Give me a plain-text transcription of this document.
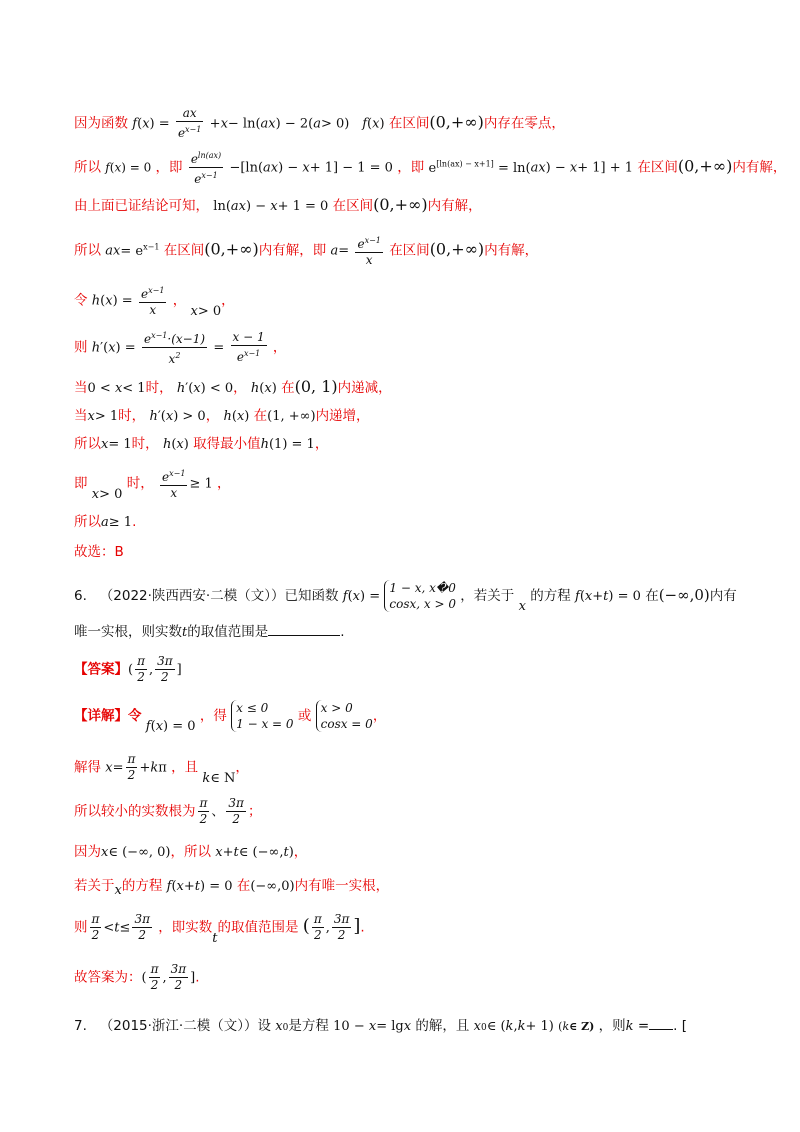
因为函数 $f(x) = \frac{ax}{e^{x-1}} +x- \ln(ax) - 2(a> 0)$ f(x) 在区间(0,+∞)内存在零点，
所以 f(x) = 0 ，即 $\frac{e^{ln(ax)}}{e^{x-1}} -[\ln(ax) - x+ 1] - 1 = 0$ ，即 e[ln(ax) − x+1] = ln(ax) − x+ 1] + 1 在区间(0,+∞)内有解，
由上面已证结论可知， ln(ax) − x+ 1 = 0 在区间(0,+∞)内有解，
所以 $ax= e^{x-1}$ 在区间(0,+∞)内有解，即 $a= \frac{e^{x-1}}{x}$ 在区间(0,+∞)内有解，
令 $h(x) = \frac{e^{x-1}}{x}$ ， x> 0，
则 $h'(x) = \frac{e^{x-1}\cdot(x-1)}{x^2} = \frac{x - 1}{e^{x-1}}$ ，
当0 < x< 1时， h′(x) < 0， h(x) 在(0, 1)内递减，
当x> 1时， h′(x) > 0， h(x) 在(1, +∞)内递增，
所以x= 1时， h(x) 取得最小值h(1) = 1，
即 x> 0 时， $\frac{e^{x-1}}{x} \ge 1$ ，
所以a≥ 1.
故选：B
6. （2022·陕西西安·二模（文））已知函数 f(x) =
1 − x, x�0
cosx, x > 0 ，若关于 x 的方程 f(x+t) = 0 在(−∞,0)内有
唯一实根，则实数t的取值范围是	.
【答案】( $\frac{\pi}{2}$ , $\frac{3\pi}{2}$ ]
【详解】令 f(x) = 0 ，得 x ≤ 0
1 − x = 0 或 x > 0
cosx = 0 ，
解得 $x= \frac{\pi}{2} +k\pi$ ，且 k∈ N，
所以较小的实数根为 $\frac{\pi}{2}$ 、 $\frac{3\pi}{2}$ ；
因为x∈ (−∞, 0)，所以 x+t∈ (−∞,t)，
若关于x的方程 f(x+t) = 0 在(−∞,0)内有唯一实根，
则 $\frac{\pi}{2} <t\le \frac{3\pi}{2}$ ，即实数t的取值范围是 ( $\frac{\pi}{2}$ , $\frac{3\pi}{2}$ ].
故答案为：( $\frac{\pi}{2}$ , $\frac{3\pi}{2}$ ].
7. （2015·浙江·二模（文））设 x0是方程 10 − x= lgx 的解，且 x0∈ (k,k+ 1) (k∈ Z) ，则k = . [
